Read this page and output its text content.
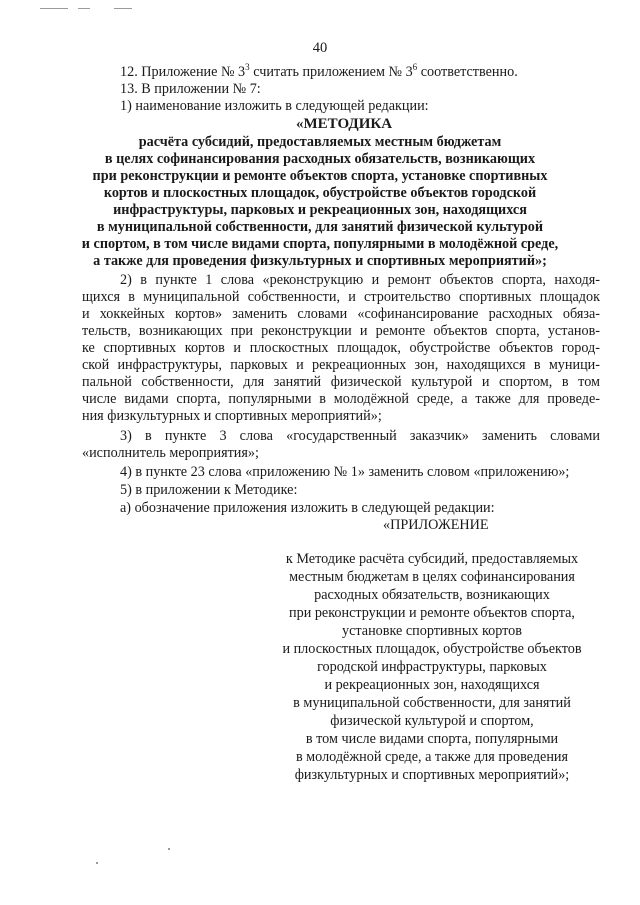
40
12. Приложение № $3^3$ считать приложением № $3^6$ соответственно.
13. В приложении № 7:
1) наименование изложить в следующей редакции:
«МЕТОДИКА
расчёта субсидий, предоставляемых местным бюджетам
в целях софинансирования расходных обязательств, возникающих
при реконструкции и ремонте объектов спорта, установке спортивных
кортов и плоскостных площадок, обустройстве объектов городской
инфраструктуры, парковых и рекреационных зон, находящихся
в муниципальной собственности, для занятий физической культурой
и спортом, в том числе видами спорта, популярными в молодёжной среде,
а также для проведения физкультурных и спортивных мероприятий»;
2) в пункте 1 слова «реконструкцию и ремонт объектов спорта, находя-
щихся в муниципальной собственности, и строительство спортивных площадок
и хоккейных кортов» заменить словами «софинансирование расходных обяза-
тельств, возникающих при реконструкции и ремонте объектов спорта, установ-
ке спортивных кортов и плоскостных площадок, обустройстве объектов город-
ской инфраструктуры, парковых и рекреационных зон, находящихся в муници-
пальной собственности, для занятий физической культурой и спортом, в том
числе видами спорта, популярными в молодёжной среде, а также для проведе-
ния физкультурных и спортивных мероприятий»;
3) в пункте 3 слова «государственный заказчик» заменить словами
«исполнитель мероприятия»;
4) в пункте 23 слова «приложению № 1» заменить словом «приложению»;
5) в приложении к Методике:
а) обозначение приложения изложить в следующей редакции:
«ПРИЛОЖЕНИЕ
к Методике расчёта субсидий, предоставляемых
местным бюджетам в целях софинансирования
расходных обязательств, возникающих
при реконструкции и ремонте объектов спорта,
установке спортивных кортов
и плоскостных площадок, обустройстве объектов
городской инфраструктуры, парковых
и рекреационных зон, находящихся
в муниципальной собственности, для занятий
физической культурой и спортом,
в том числе видами спорта, популярными
в молодёжной среде, а также для проведения
физкультурных и спортивных мероприятий»;
